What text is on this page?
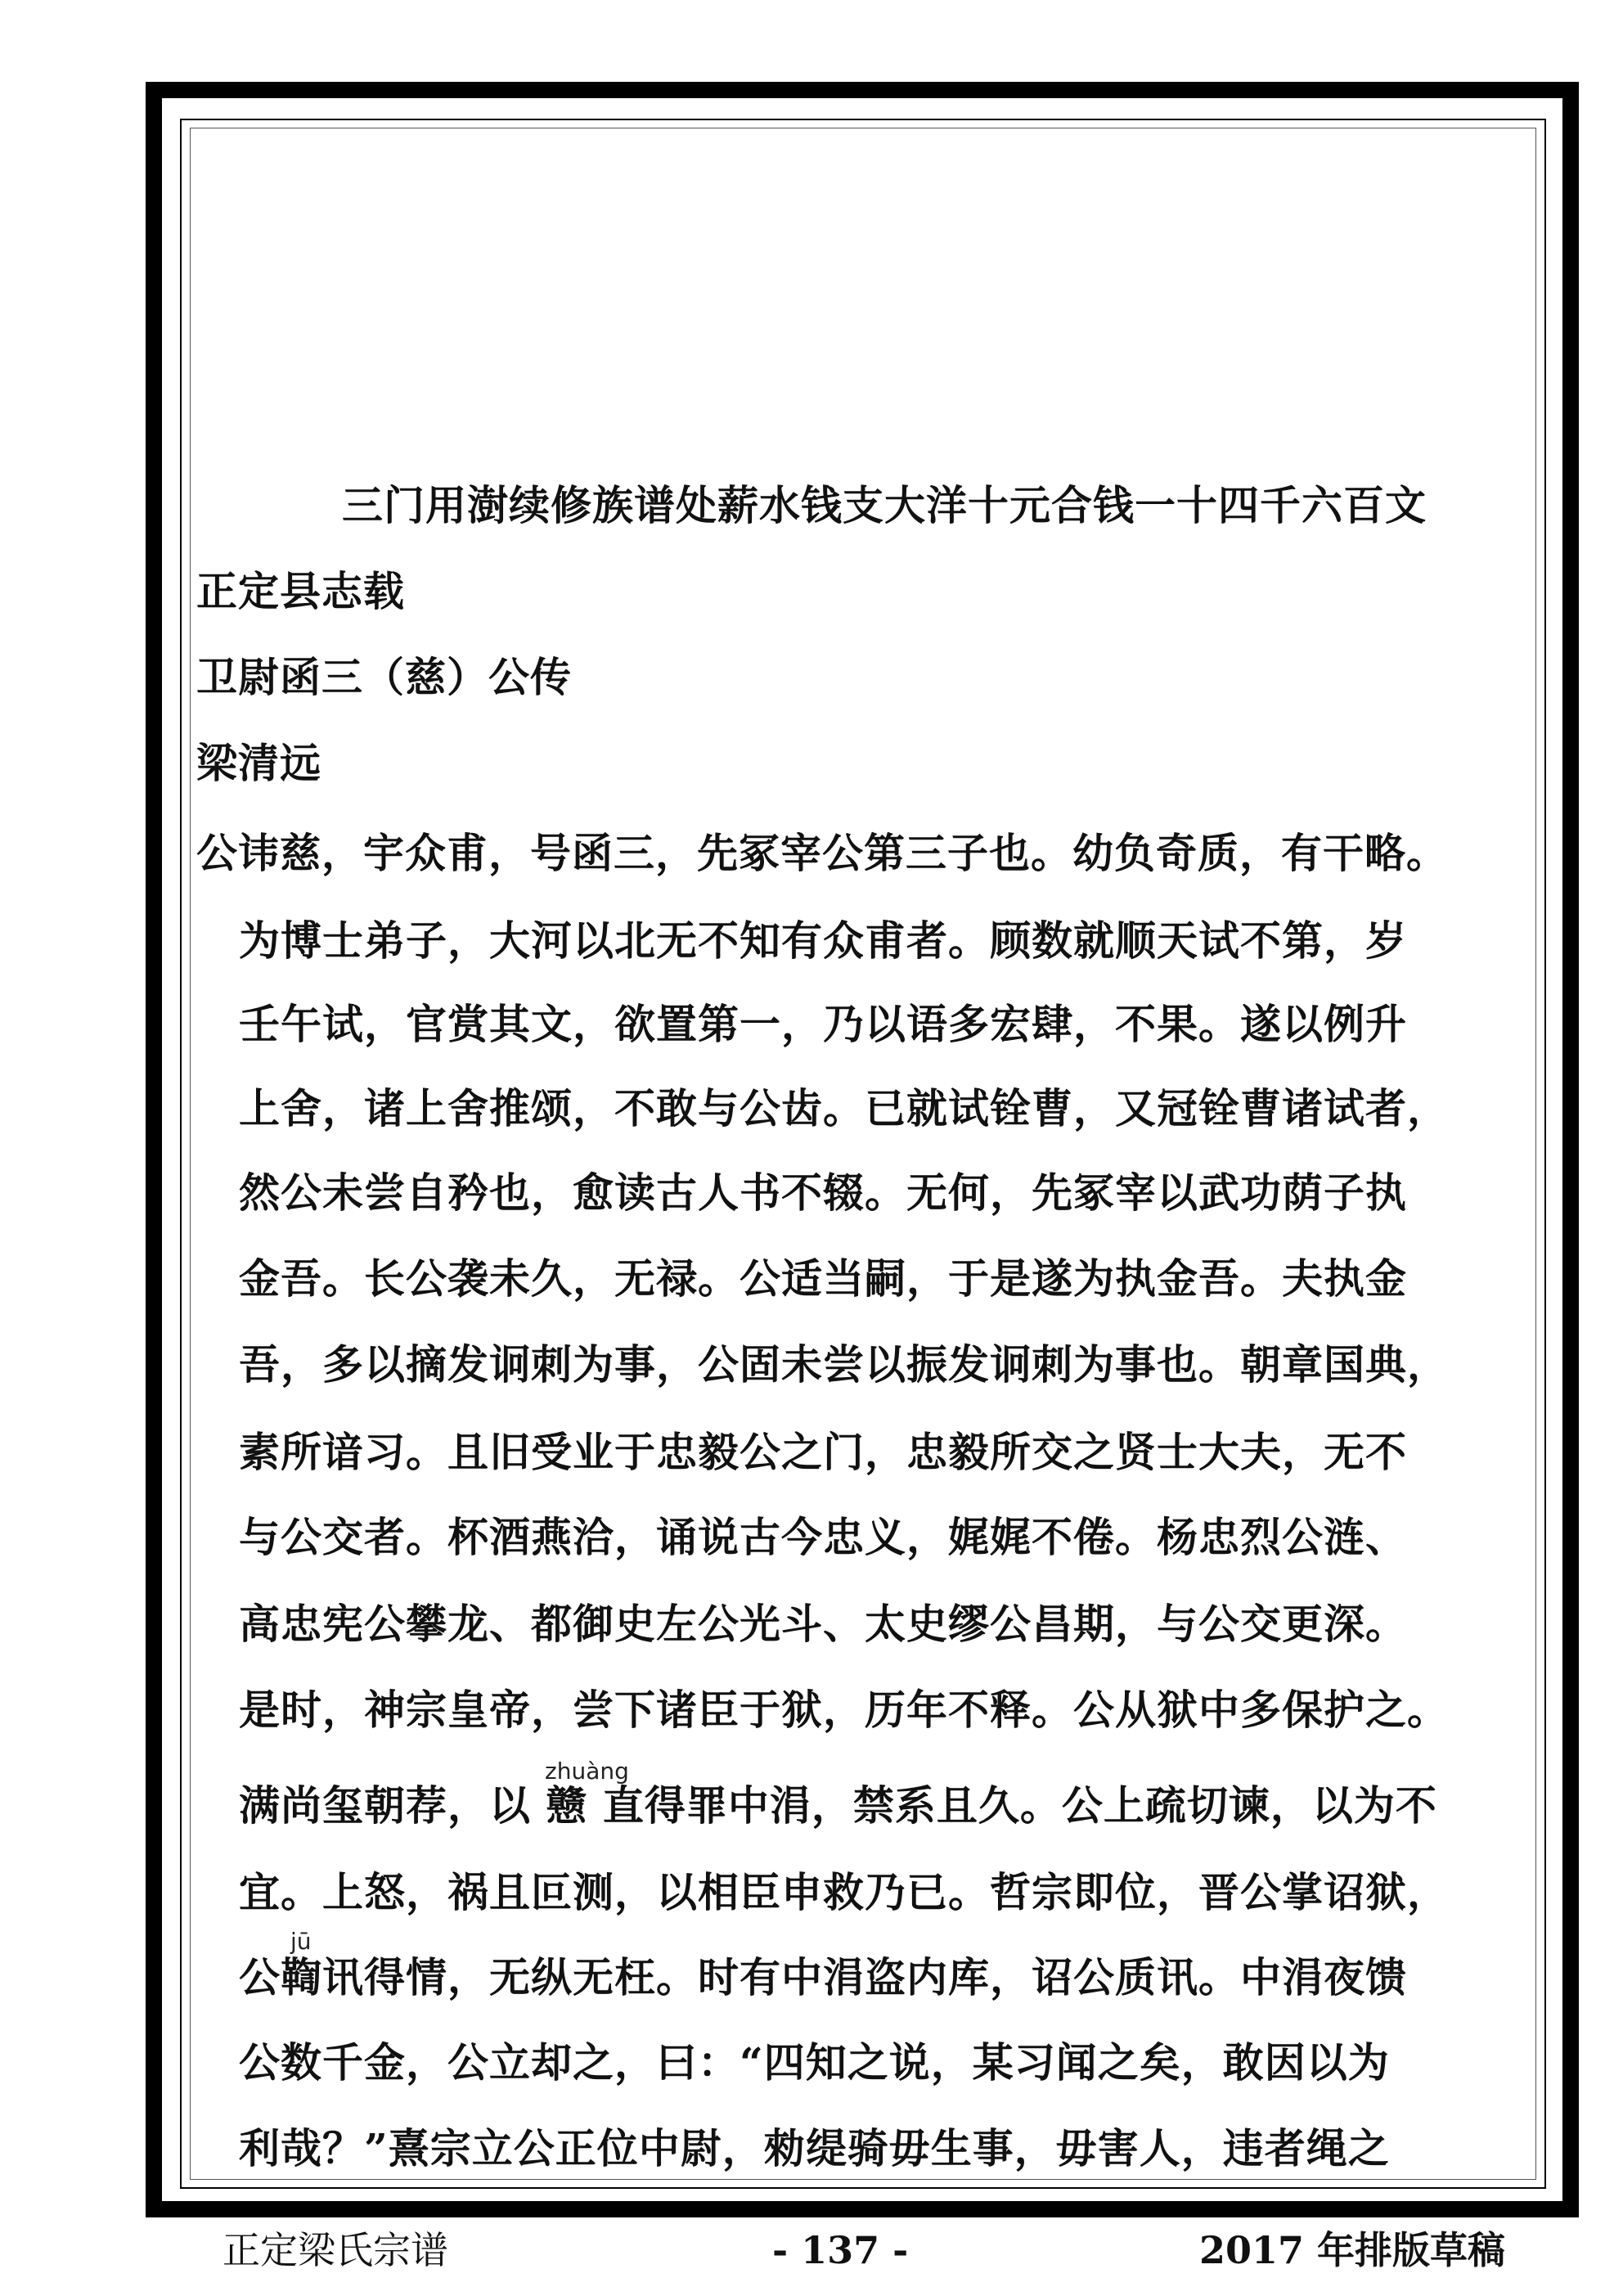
三门用澍续修族谱处薪水钱支大洋十元合钱一十四千六百文
正定县志载
卫尉函三（慈）公传
梁清远
公讳慈，宇众甫，号函三，先冢宰公第三子也。幼负奇质，有干略。
为博士弟子，大河以北无不知有众甫者。顾数就顺天试不第，岁
壬午试，官赏其文，欲置第一，乃以语多宏肆，不果。遂以例升
上舍，诸上舍推颂，不敢与公齿。已就试铨曹，又冠铨曹诸试者，
然公未尝自矜也，愈读古人书不辍。无何，先冢宰以武功荫子执
金吾。长公袭未久，无禄。公适当嗣，于是遂为执金吾。夫执金
吾，多以摘发诇刺为事，公固未尝以振发诇刺为事也。朝章国典，
素所谙习。且旧受业于忠毅公之门，忠毅所交之贤士大夫，无不
与公交者。杯酒燕洽，诵说古今忠义，娓娓不倦。杨忠烈公涟、
高忠宪公攀龙、都御史左公光斗、太史缪公昌期，与公交更深。
是时，神宗皇帝，尝下诸臣于狱，历年不释。公从狱中多保护之。
zhuàng
满尚玺朝荐，以 戆 直得罪中涓，禁系且久。公上疏切谏，以为不
宜。上怒，祸且叵测，以相臣申救乃已。哲宗即位，晋公掌诏狱，
jū
公鞫讯得情，无纵无枉。时有中涓盗内库，诏公质讯。中涓夜馈
公数千金，公立却之，曰：“四知之说，某习闻之矣，敢因以为
利哉？”熹宗立公正位中尉，勑缇骑毋生事，毋害人，违者绳之
正定梁氏宗谱	- 137 -	2017 年排版草稿
